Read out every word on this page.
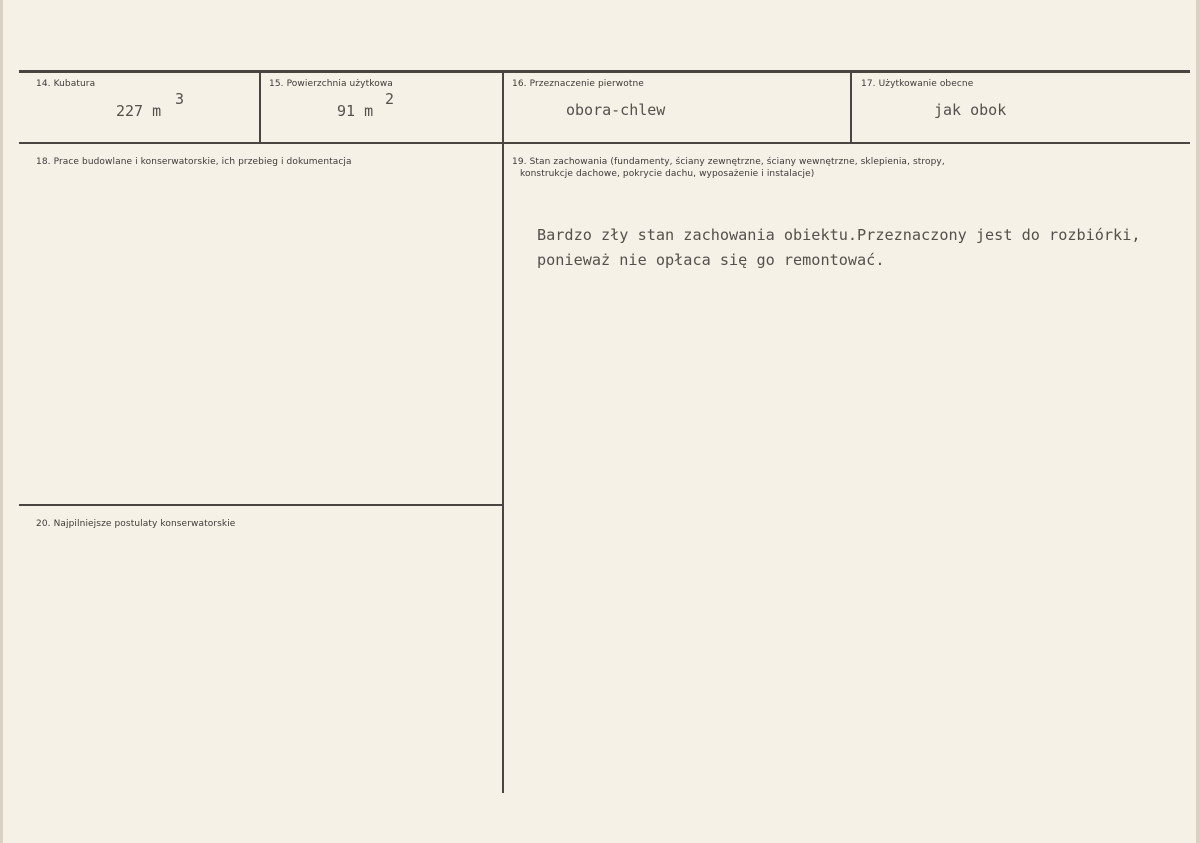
14. Kubatura
227 m
3
15. Powierzchnia użytkowa
91 m
2
16. Przeznaczenie pierwotne
obora-chlew
17. Użytkowanie obecne
jak obok
18. Prace budowlane i konserwatorskie, ich przebieg i dokumentacja	19. Stan zachowania (fundamenty, ściany zewnętrzne, ściany wewnętrzne, sklepienia, stropy,
konstrukcje dachowe, pokrycie dachu, wyposażenie i instalacje)
Bardzo zły stan zachowania obiektu.Przeznaczony jest do rozbiórki,
ponieważ nie opłaca się go remontować.
20. Najpilniejsze postulaty konserwatorskie
